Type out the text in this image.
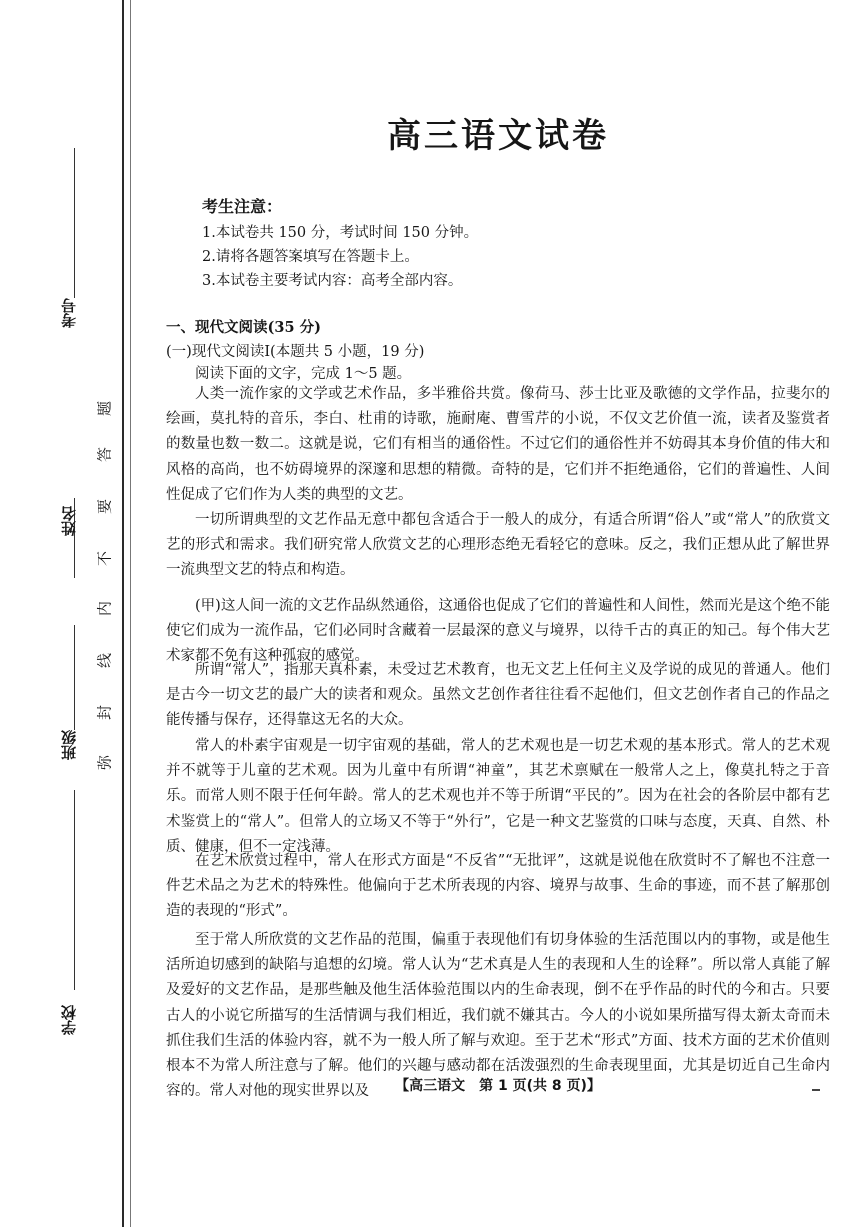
考号
姓名
班级
学校
题
答
要
不
内
线
封
弥
高三语文试卷
考生注意：
1.本试卷共 150 分，考试时间 150 分钟。
2.请将各题答案填写在答题卡上。
3.本试卷主要考试内容：高考全部内容。
一、现代文阅读(35 分)
(一)现代文阅读Ⅰ(本题共 5 小题，19 分)
阅读下面的文字，完成 1～5 题。

人类一流作家的文学或艺术作品，多半雅俗共赏。像荷马、莎士比亚及歌德的文学作品，拉斐尔的绘画，莫扎特的音乐，李白、杜甫的诗歌，施耐庵、曹雪芹的小说，不仅文艺价值一流，读者及鉴赏者的数量也数一数二。这就是说，它们有相当的通俗性。不过它们的通俗性并不妨碍其本身价值的伟大和风格的高尚，也不妨碍境界的深邃和思想的精微。奇特的是，它们并不拒绝通俗，它们的普遍性、人间性促成了它们作为人类的典型的文艺。

一切所谓典型的文艺作品无意中都包含适合于一般人的成分，有适合所谓“俗人”或“常人”的欣赏文艺的形式和需求。我们研究常人欣赏文艺的心理形态绝无看轻它的意味。反之，我们正想从此了解世界一流典型文艺的特点和构造。

(甲)这人间一流的文艺作品纵然通俗，这通俗也促成了它们的普遍性和人间性，然而光是这个绝不能使它们成为一流作品，它们必同时含藏着一层最深的意义与境界，以待千古的真正的知己。每个伟大艺术家都不免有这种孤寂的感觉。

所谓“常人”，指那天真朴素，未受过艺术教育，也无文艺上任何主义及学说的成见的普通人。他们是古今一切文艺的最广大的读者和观众。虽然文艺创作者往往看不起他们，但文艺创作者自己的作品之能传播与保存，还得靠这无名的大众。

常人的朴素宇宙观是一切宇宙观的基础，常人的艺术观也是一切艺术观的基本形式。常人的艺术观并不就等于儿童的艺术观。因为儿童中有所谓“神童”，其艺术禀赋在一般常人之上，像莫扎特之于音乐。而常人则不限于任何年龄。常人的艺术观也并不等于所谓“平民的”。因为在社会的各阶层中都有艺术鉴赏上的“常人”。但常人的立场又不等于“外行”，它是一种文艺鉴赏的口味与态度，天真、自然、朴质、健康，但不一定浅薄。

在艺术欣赏过程中，常人在形式方面是“不反省”“无批评”，这就是说他在欣赏时不了解也不注意一件艺术品之为艺术的特殊性。他偏向于艺术所表现的内容、境界与故事、生命的事迹，而不甚了解那创造的表现的“形式”。

至于常人所欣赏的文艺作品的范围，偏重于表现他们有切身体验的生活范围以内的事物，或是他生活所迫切感到的缺陷与追想的幻境。常人认为“艺术真是人生的表现和人生的诠释”。所以常人真能了解及爱好的文艺作品，是那些触及他生活体验范围以内的生命表现，倒不在乎作品的时代的今和古。只要古人的小说它所描写的生活情调与我们相近，我们就不嫌其古。今人的小说如果所描写得太新太奇而未抓住我们生活的体验内容，就不为一般人所了解与欢迎。至于艺术“形式”方面、技术方面的艺术价值则根本不为常人所注意与了解。他们的兴趣与感动都在活泼强烈的生命表现里面，尤其是切近自己生命内容的。常人对他的现实世界以及	【高三语文　第 1 页(共 8 页)】
